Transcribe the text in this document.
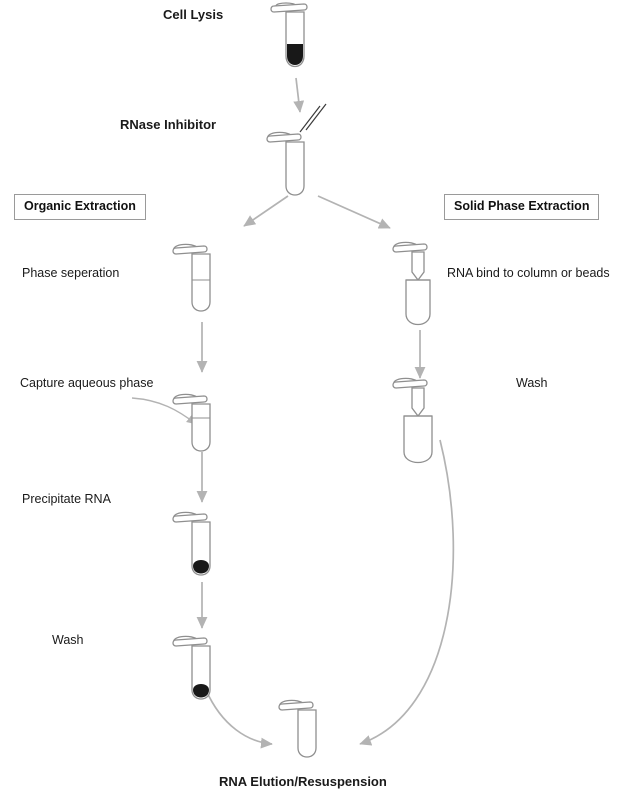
Cell Lysis
RNase Inhibitor
Organic Extraction	Solid Phase Extraction
Phase seperation	RNA bind to column or beads
Capture aqueous phase	Wash
Precipitate RNA
Wash
RNA Elution/Resuspension
